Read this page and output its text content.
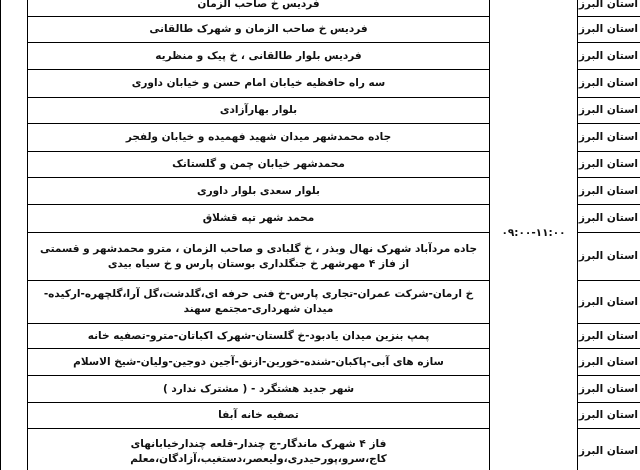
استان البرز	۰۹:۰۰-۱۱:۰۰	فردیس خ صاحب الزمان	
استان البرز		فردیس خ صاحب الزمان و شهرک طالقانی	
استان البرز		فردیس بلوار طالقانی ، خ پیک و منظریه	
استان البرز		سه راه حافظیه خیابان امام حسن و خیابان داوری	
استان البرز		بلوار بهارآزادی	
استان البرز		جاده محمدشهر میدان شهید فهمیده و خیابان ولفجر	
استان البرز		محمدشهر خیابان چمن و گلستانک	
استان البرز		بلوار سعدی بلوار داوری	
استان البرز		محمد شهر تپه قشلاق	
استان البرز		جاده مردآباد شهرک نهال وبذر ، خ گلبادی و صاحب الزمان ، مترو محمدشهر و قسمتی از فاز ۴ مهرشهر خ جنگلداری بوستان پارس و خ سیاه بیدی	
استان البرز		خ ارمان-شرکت عمران-تجاری پارس-خ فنی حرفه ای،گلدشت،گل آرا،گلچهره-ارکیده-میدان شهرداری-مجتمع سهند	
استان البرز		پمپ بنزین میدان یادبود-خ گلستان-شهرک اکباتان-مترو-تصفیه خانه	
استان البرز		سازه های آبی-پاکبان-شنده-خورین-ازنق-آجین دوجین-ولیان-شیخ الاسلام	
استان البرز		شهر جدید هشتگرد - ( مشترک ندارد )	
استان البرز		تصفیه خانه آبفا	
استان البرز		فاز ۴ شهرک ماندگار-ج چندار-قلعه چندارخیابانهای کاج،سرو،پورحیدری،ولیعصر،دستغیب،آزادگان،معلم	
